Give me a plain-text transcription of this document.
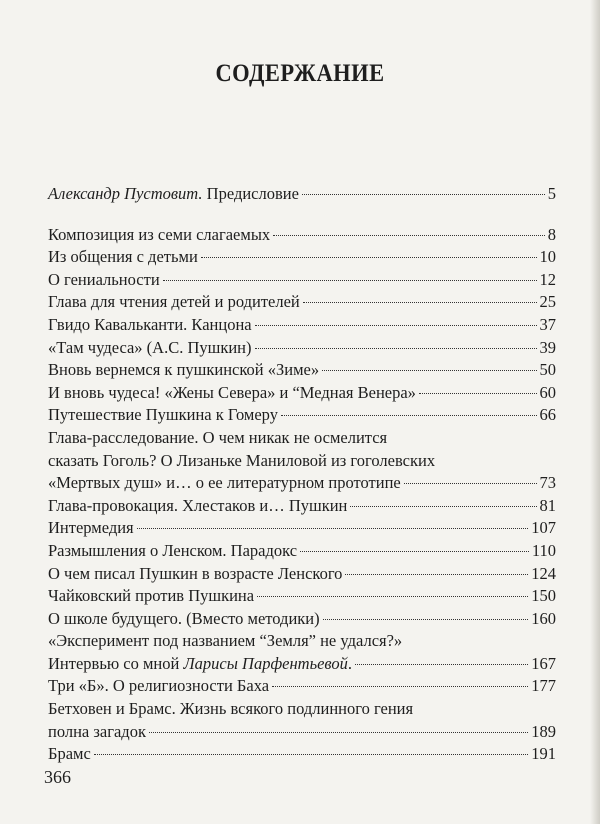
СОДЕРЖАНИЕ
Александр Пустовит. Предисловие	5
Композиция из семи слагаемых	8
Из общения с детьми	10
О гениальности	12
Глава для чтения детей и родителей	25
Гвидо Кавальканти. Канцона	37
«Там чудеса» (А.С. Пушкин)	39
Вновь вернемся к пушкинской «Зиме»	50
И вновь чудеса! «Жены Севера» и “Медная Венера»	60
Путешествие Пушкина к Гомеру	66
Глава-расследование. О чем никак не осмелится
сказать Гоголь? О Лизаньке Маниловой из гоголевских
«Мертвых душ» и… о ее литературном прототипе	73
Глава-провокация. Хлестаков и… Пушкин	81
Интермедия	107
Размышления о Ленском. Парадокс	110
О чем писал Пушкин в возрасте Ленского	124
Чайковский против Пушкина	150
О школе будущего. (Вместо методики)	160
«Эксперимент под названием “Земля” не удался?»
Интервью со мной Ларисы Парфентьевой.	167
Три «Б». О религиозности Баха	177
Бетховен и Брамс. Жизнь всякого подлинного гения
полна загадок	189
Брамс	191
366
